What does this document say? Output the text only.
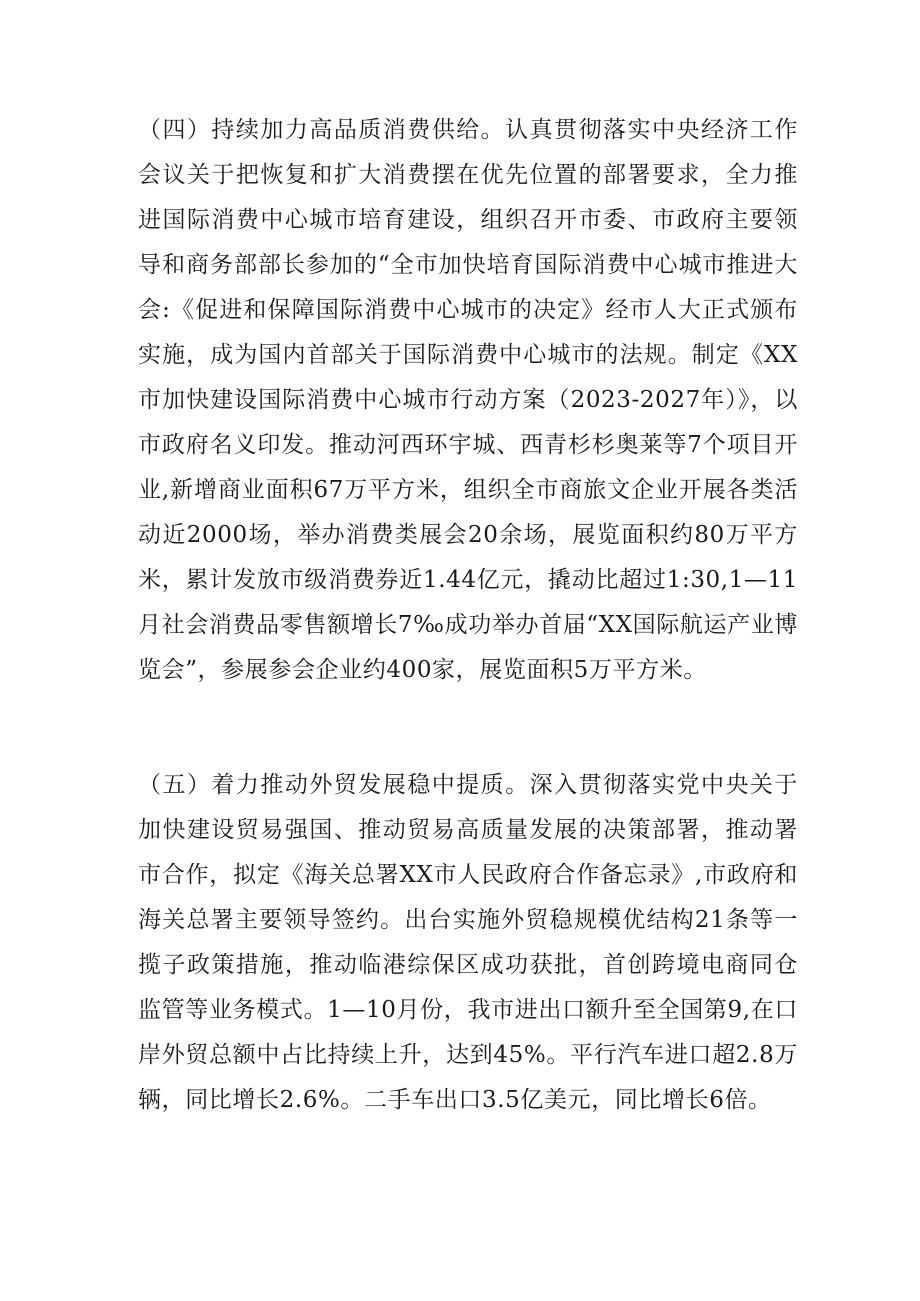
（四）持续加力高品质消费供给。认真贯彻落实中央经济工作会议关于把恢复和扩大消费摆在优先位置的部署要求，全力推进国际消费中心城市培育建设，组织召开市委、市政府主要领导和商务部部长参加的“全市加快培育国际消费中心城市推进大会:《促进和保障国际消费中心城市的决定》经市人大正式颁布实施，成为国内首部关于国际消费中心城市的法规。制定《XX市加快建设国际消费中心城市行动方案（2023-2027年）》，以市政府名义印发。推动河西环宇城、西青杉杉奥莱等7个项目开业,新增商业面积67万平方米，组织全市商旅文企业开展各类活动近2000场，举办消费类展会20余场，展览面积约80万平方米，累计发放市级消费券近1.44亿元，撬动比超过1:30,1—11月社会消费品零售额增长7‰成功举办首届“XX国际航运产业博览会”，参展参会企业约400家，展览面积5万平方米。

（五）着力推动外贸发展稳中提质。深入贯彻落实党中央关于加快建设贸易强国、推动贸易高质量发展的决策部署，推动署市合作，拟定《海关总署XX市人民政府合作备忘录》,市政府和海关总署主要领导签约。出台实施外贸稳规模优结构21条等一揽子政策措施，推动临港综保区成功获批，首创跨境电商同仓监管等业务模式。1—10月份，我市进出口额升至全国第9,在口岸外贸总额中占比持续上升，达到45%。平行汽车进口超2.8万辆，同比增长2.6%。二手车出口3.5亿美元，同比增长6倍。
